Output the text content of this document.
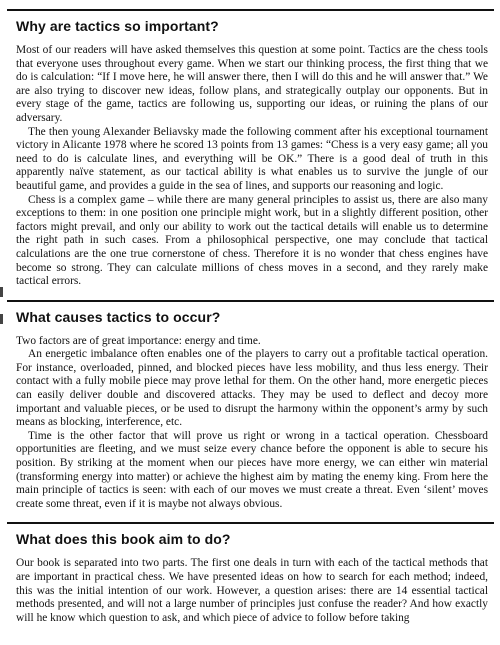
Why are tactics so important?

Most of our readers will have asked themselves this question at some point. Tactics are the chess tools that everyone uses throughout every game. When we start our thinking process, the first thing that we do is calculation: “If I move here, he will answer there, then I will do this and he will answer that.” We are also trying to discover new ideas, follow plans, and strategically outplay our opponents. But in every stage of the game, tactics are following us, supporting our ideas, or ruining the plans of our adversary.

The then young Alexander Beliavsky made the following comment after his exceptional tournament victory in Alicante 1978 where he scored 13 points from 13 games: “Chess is a very easy game; all you need to do is calculate lines, and everything will be OK.” There is a good deal of truth in this apparently naïve statement, as our tactical ability is what enables us to survive the jungle of our beautiful game, and provides a guide in the sea of lines, and supports our reasoning and logic.

Chess is a complex game – while there are many general principles to assist us, there are also many exceptions to them: in one position one principle might work, but in a slightly different position, other factors might prevail, and only our ability to work out the tactical details will enable us to determine the right path in such cases. From a philosophical perspective, one may conclude that tactical calculations are the one true cornerstone of chess. Therefore it is no wonder that chess engines have become so strong. They can calculate millions of chess moves in a second, and they rarely make tactical errors.

What causes tactics to occur?

Two factors are of great importance: energy and time.

An energetic imbalance often enables one of the players to carry out a profitable tactical operation. For instance, overloaded, pinned, and blocked pieces have less mobility, and thus less energy. Their contact with a fully mobile piece may prove lethal for them. On the other hand, more energetic pieces can easily deliver double and discovered attacks. They may be used to deflect and decoy more important and valuable pieces, or be used to disrupt the harmony within the opponent’s army by such means as blocking, interference, etc.

Time is the other factor that will prove us right or wrong in a tactical operation. Chessboard opportunities are fleeting, and we must seize every chance before the opponent is able to secure his position. By striking at the moment when our pieces have more energy, we can either win material (transforming energy into matter) or achieve the highest aim by mating the enemy king. From here the main principle of tactics is seen: with each of our moves we must create a threat. Even ‘silent’ moves create some threat, even if it is maybe not always obvious.

What does this book aim to do?

Our book is separated into two parts. The first one deals in turn with each of the tactical methods that are important in practical chess. We have presented ideas on how to search for each method; indeed, this was the initial intention of our work. However, a question arises: there are 14 essential tactical methods presented, and will not a large number of principles just confuse the reader? And how exactly will he know which question to ask, and which piece of advice to follow before taking
